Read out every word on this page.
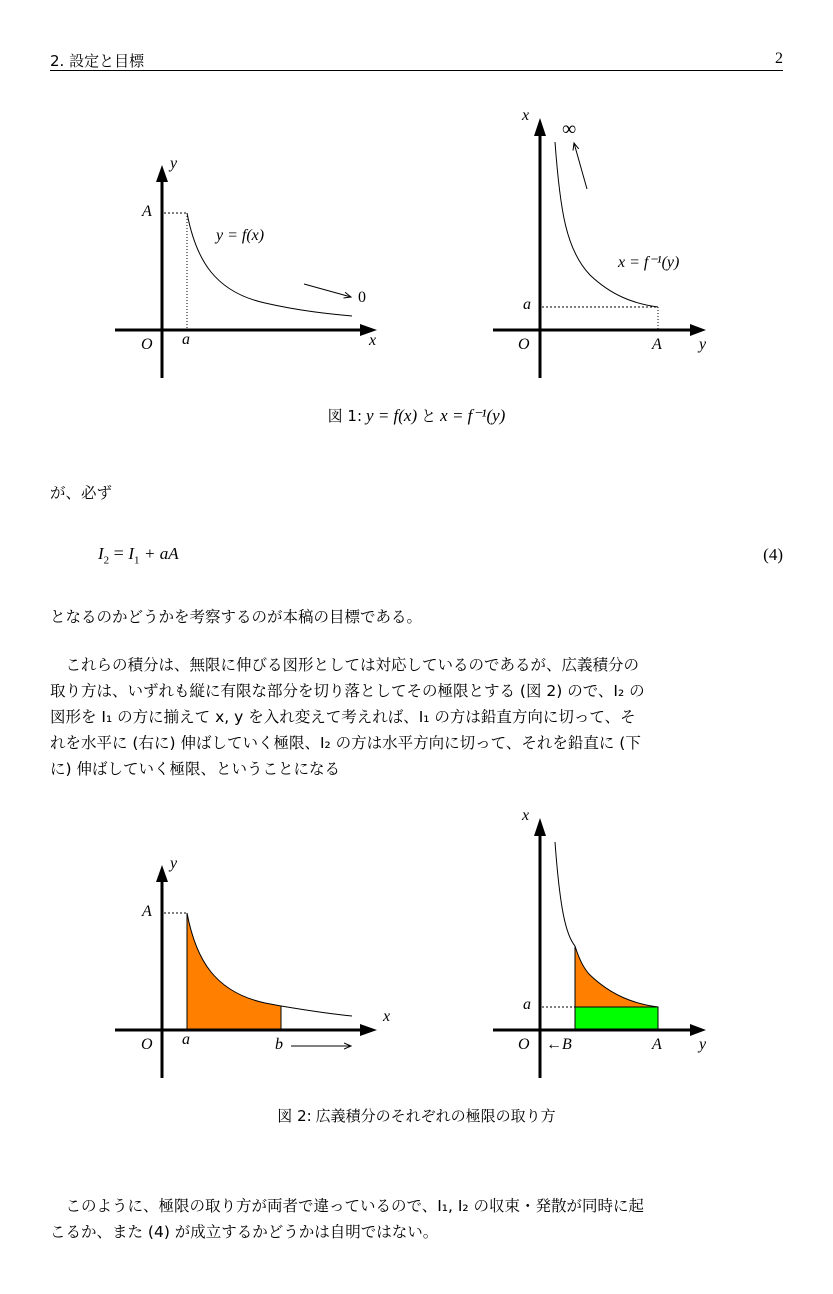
2. 設定と目標	2
y
A
y = f(x)
0
x
O a
x
∞
x = f⁻¹(y)
a
O	A y
図 1: y = f(x) と x = f⁻¹(y)
が、必ず
$I_2 = I_1$ + aA	(4)
となるのかどうかを考察するのが本稿の目標である。
これらの積分は、無限に伸びる図形としては対応しているのであるが、広義積分の
取り方は、いずれも縦に有限な部分を切り落としてその極限とする (図 2) ので、I₂ の
図形を I₁ の方に揃えて x, y を入れ変えて考えれば、I₁ の方は鉛直方向に切って、そ
れを水平に (右に) 伸ばしていく極限、I₂ の方は水平方向に切って、それを鉛直に (下
に) 伸ばしていく極限、ということになる
y
A
x
O a	b
x
a
O ←B	A y
図 2: 広義積分のそれぞれの極限の取り方
このように、極限の取り方が両者で違っているので、I₁, I₂ の収束・発散が同時に起
こるか、また (4) が成立するかどうかは自明ではない。
